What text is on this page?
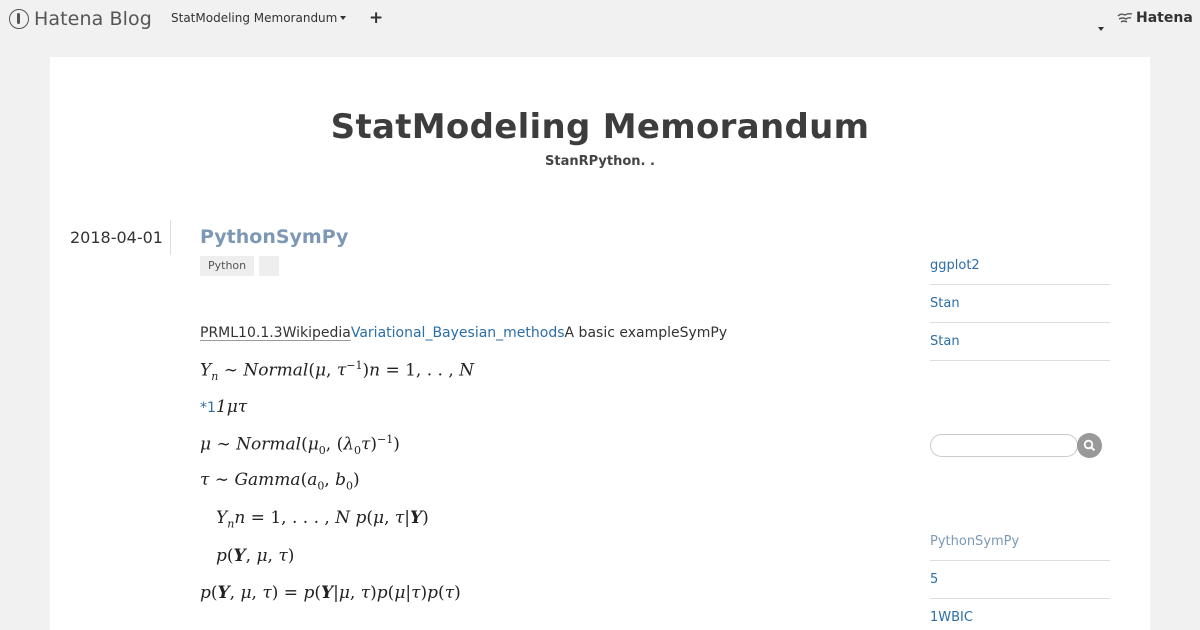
Hatena Blog StatModeling Memorandum +	Hatena
StatModeling Memorandum
StanRPython. .
2018-04-01 PythonSymPy
Python
PRML10.1.3WikipediaVariational_Bayesian_methodsA basic exampleSymPy
$Y_n$ ∼ Normal(μ, $\tau^{-1})n = 1$, . . , N
*11μτ
μ ∼ $Normal(\mu_0$, $(\lambda_0\tau)^{-1}$)
τ ∼ $Gamma(a_0$, $b_0$)
$Y_nn = 1$, . . . , N p(μ, τ|Y)
p(Y, μ, τ)
p(Y, μ, τ) = p(Y|μ, τ)p(μ|τ)p(τ)
ggplot2
Stan
Stan
PythonSymPy
5
1WBIC
